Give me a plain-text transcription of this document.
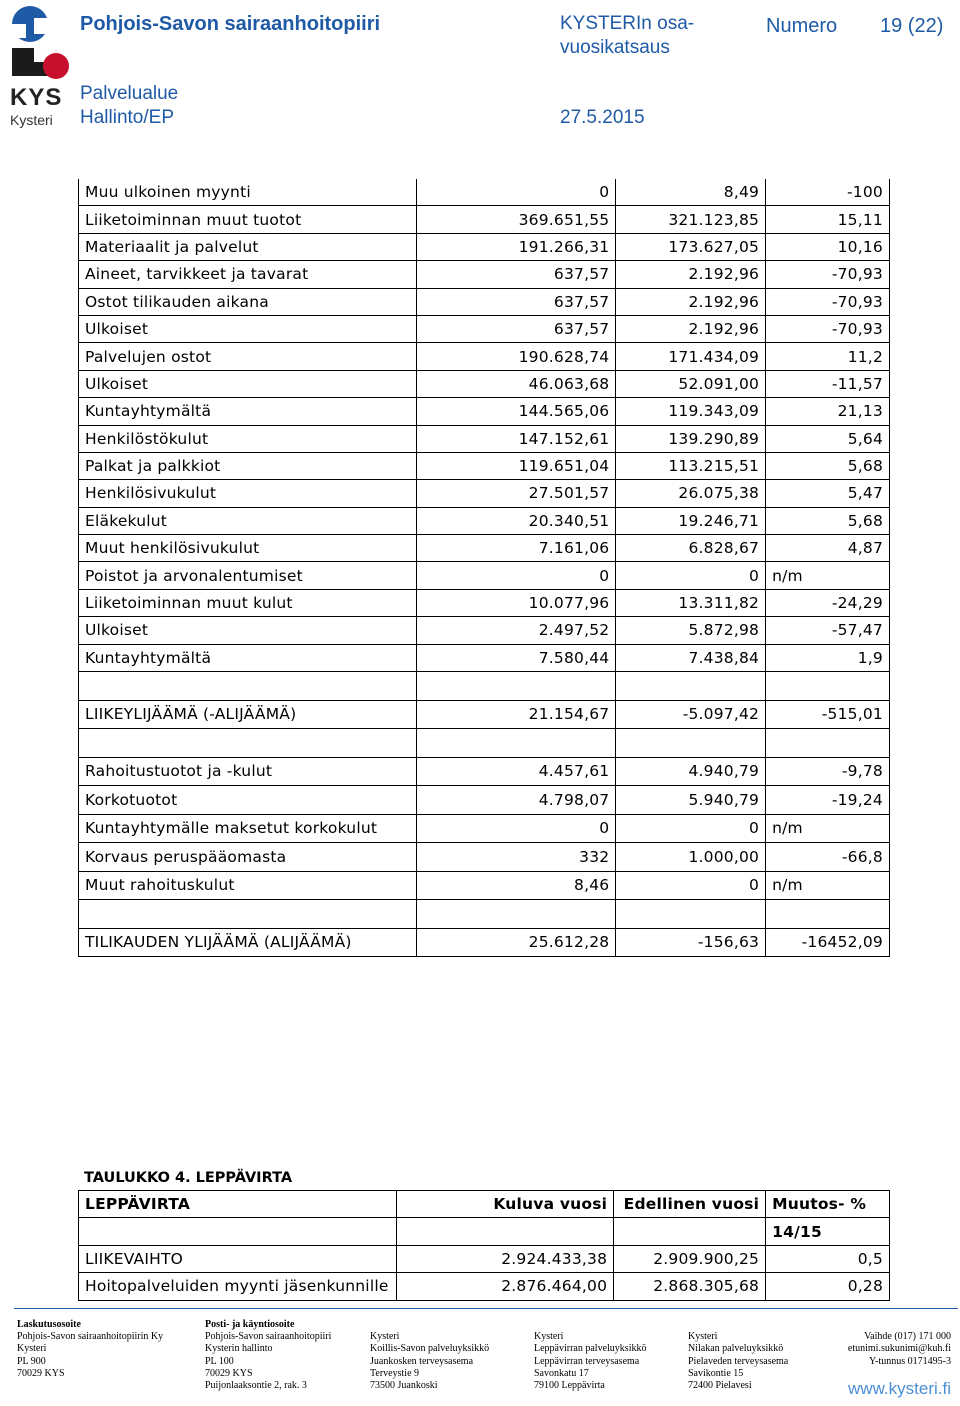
KYS
Kysteri
Pohjois-Savon sairaanhoitopiiri	KYSTERIn osa-
vuosikatsaus
Numero 19 (22)
Palvelualue
Hallinto/EP	27.5.2015
Muu ulkoinen myynti	0	8,49	-100
Liiketoiminnan muut tuotot	369.651,55	321.123,85	15,11
Materiaalit ja palvelut	191.266,31	173.627,05	10,16
Aineet, tarvikkeet ja tavarat	637,57	2.192,96	-70,93
Ostot tilikauden aikana	637,57	2.192,96	-70,93
Ulkoiset	637,57	2.192,96	-70,93
Palvelujen ostot	190.628,74	171.434,09	11,2
Ulkoiset	46.063,68	52.091,00	-11,57
Kuntayhtymältä	144.565,06	119.343,09	21,13
Henkilöstökulut	147.152,61	139.290,89	5,64
Palkat ja palkkiot	119.651,04	113.215,51	5,68
Henkilösivukulut	27.501,57	26.075,38	5,47
Eläkekulut	20.340,51	19.246,71	5,68
Muut henkilösivukulut	7.161,06	6.828,67	4,87
Poistot ja arvonalentumiset	0	0	n/m
Liiketoiminnan muut kulut	10.077,96	13.311,82	-24,29
Ulkoiset	2.497,52	5.872,98	-57,47
Kuntayhtymältä	7.580,44	7.438,84	1,9

LIIKEYLIJÄÄMÄ (-ALIJÄÄMÄ)	21.154,67	-5.097,42	-515,01

Rahoitustuotot ja -kulut	4.457,61	4.940,79	-9,78
Korkotuotot	4.798,07	5.940,79	-19,24
Kuntayhtymälle maksetut korkokulut	0	0	n/m
Korvaus peruspääomasta	332	1.000,00	-66,8
Muut rahoituskulut	8,46	0	n/m

TILIKAUDEN YLIJÄÄMÄ (ALIJÄÄMÄ)	25.612,28	-156,63	-16452,09
TAULUKKO 4. LEPPÄVIRTA
LEPPÄVIRTA	Kuluva vuosi	Edellinen vuosi	Muutos- %
			14/15
LIIKEVAIHTO	2.924.433,38	2.909.900,25	0,5
Hoitopalveluiden myynti jäsenkunnille	2.876.464,00	2.868.305,68	0,28
Laskutusosoite
Pohjois-Savon sairaanhoitopiirin Ky
Kysteri
PL 900
70029 KYS
Posti- ja käyntiosoite
Pohjois-Savon sairaanhoitopiiri
Kysterin hallinto
PL 100
70029 KYS
Puijonlaaksontie 2, rak. 3

Kysteri
Koillis-Savon palveluyksikkö
Juankosken terveysasema
Terveystie 9
73500 Juankoski

Kysteri
Leppävirran palveluyksikkö
Leppävirran terveysasema
Savonkatu 17
79100 Leppävirta

Kysteri
Nilakan palveluyksikkö
Pielaveden terveysasema
Savikontie 15
72400 Pielavesi

Vaihde (017) 171 000
etunimi.sukunimi@kuh.fi
Y-tunnus 0171495-3
www.kysteri.fi
